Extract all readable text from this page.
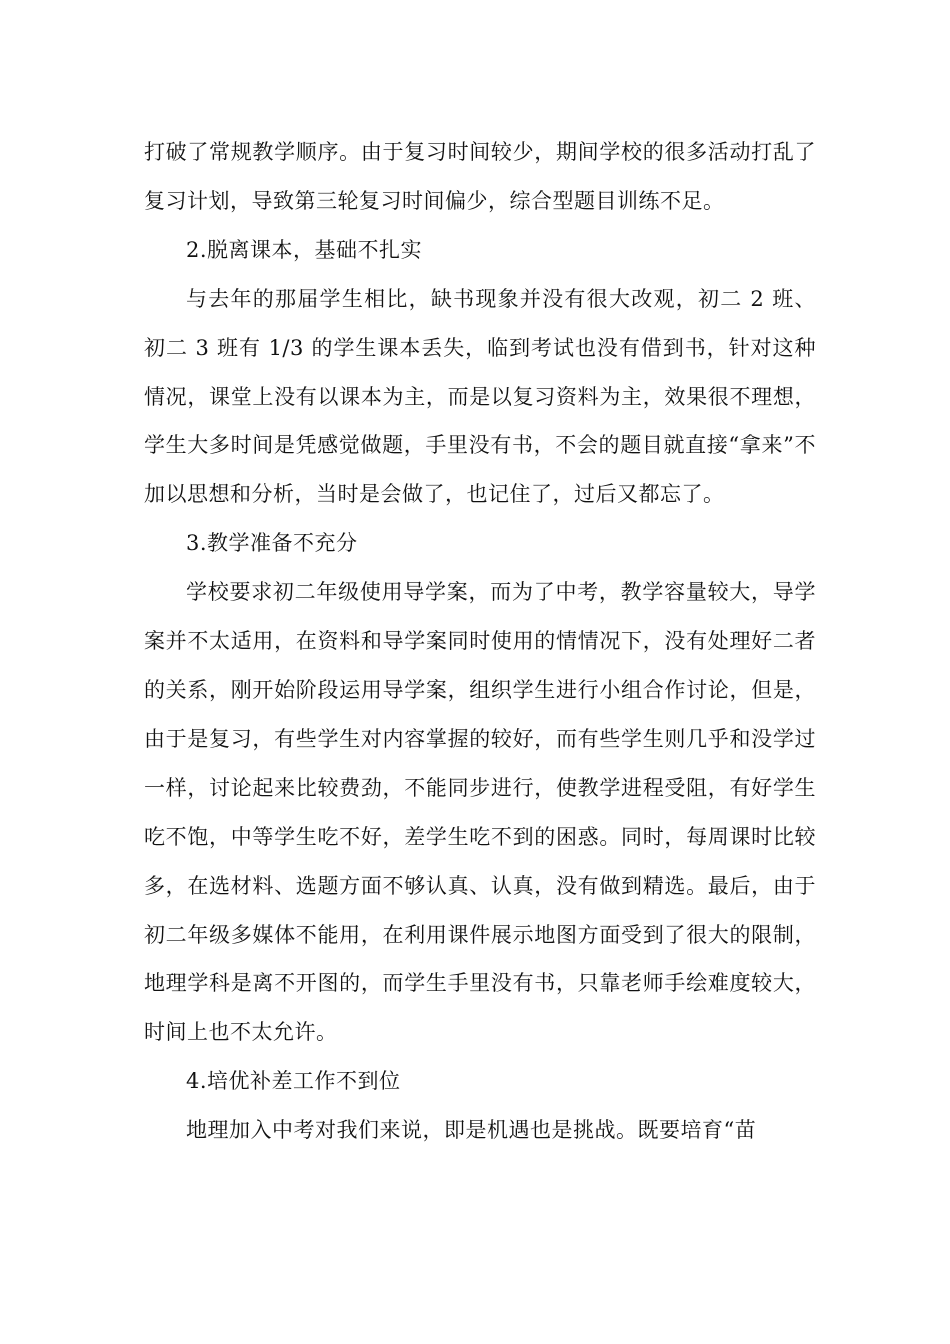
打破了常规教学顺序。由于复习时间较少，期间学校的很多活动打乱了复习计划，导致第三轮复习时间偏少，综合型题目训练不足。

2.脱离课本，基础不扎实

与去年的那届学生相比，缺书现象并没有很大改观，初二 2 班、初二 3 班有 1/3 的学生课本丢失，临到考试也没有借到书，针对这种情况，课堂上没有以课本为主，而是以复习资料为主，效果很不理想，学生大多时间是凭感觉做题，手里没有书，不会的题目就直接“拿来”不加以思想和分析，当时是会做了，也记住了，过后又都忘了。

3.教学准备不充分

学校要求初二年级使用导学案，而为了中考，教学容量较大，导学案并不太适用，在资料和导学案同时使用的情情况下，没有处理好二者的关系，刚开始阶段运用导学案，组织学生进行小组合作讨论，但是，由于是复习，有些学生对内容掌握的较好，而有些学生则几乎和没学过一样，讨论起来比较费劲，不能同步进行，使教学进程受阻，有好学生吃不饱，中等学生吃不好，差学生吃不到的困惑。同时，每周课时比较多，在选材料、选题方面不够认真、认真，没有做到精选。最后，由于初二年级多媒体不能用，在利用课件展示地图方面受到了很大的限制，地理学科是离不开图的，而学生手里没有书，只靠老师手绘难度较大，时间上也不太允许。

4.培优补差工作不到位

地理加入中考对我们来说，即是机遇也是挑战。既要培育“苗
